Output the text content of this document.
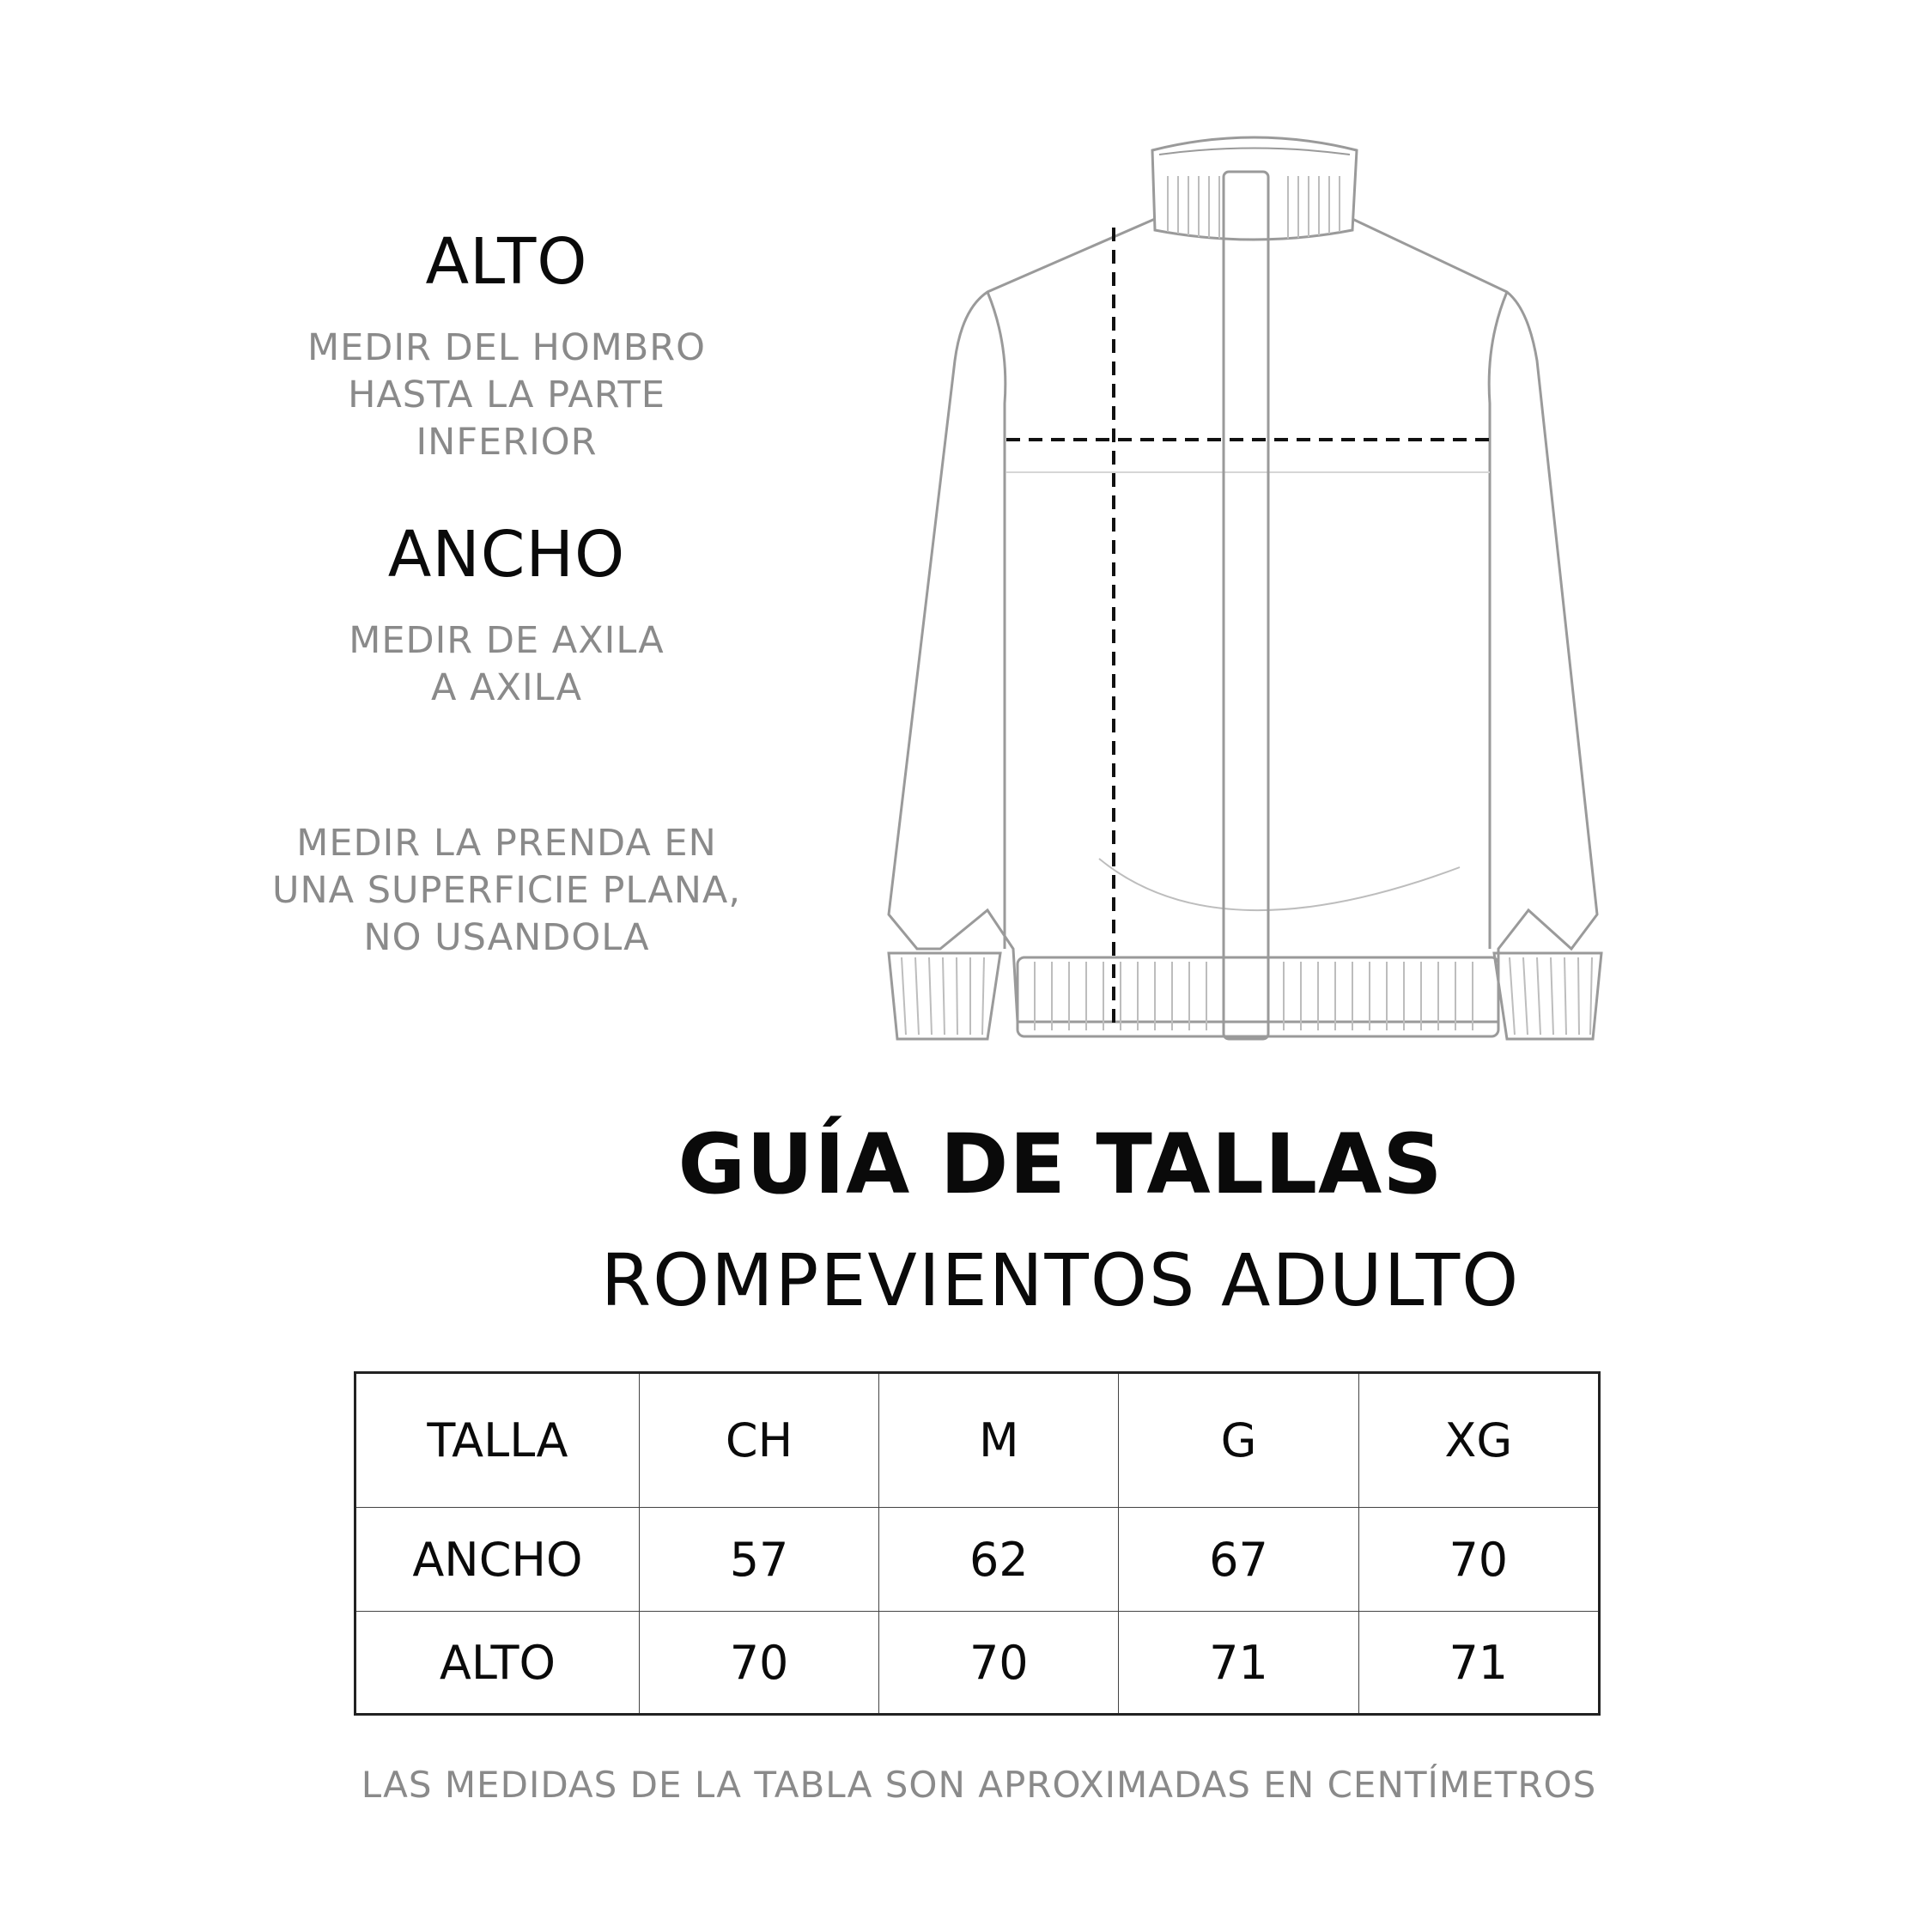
ALTO
MEDIR DEL HOMBRO
HASTA LA PARTE
INFERIOR
ANCHO
MEDIR DE AXILA
A AXILA
MEDIR LA PRENDA EN
UNA SUPERFICIE PLANA,
NO USANDOLA
GUÍA DE TALLAS
ROMPEVIENTOS ADULTO
TALLA	CH	M	G	XG
ANCHO	57	62	67	70
ALTO	70	70	71	71
LAS MEDIDAS DE LA TABLA SON APROXIMADAS EN CENTÍMETROS
